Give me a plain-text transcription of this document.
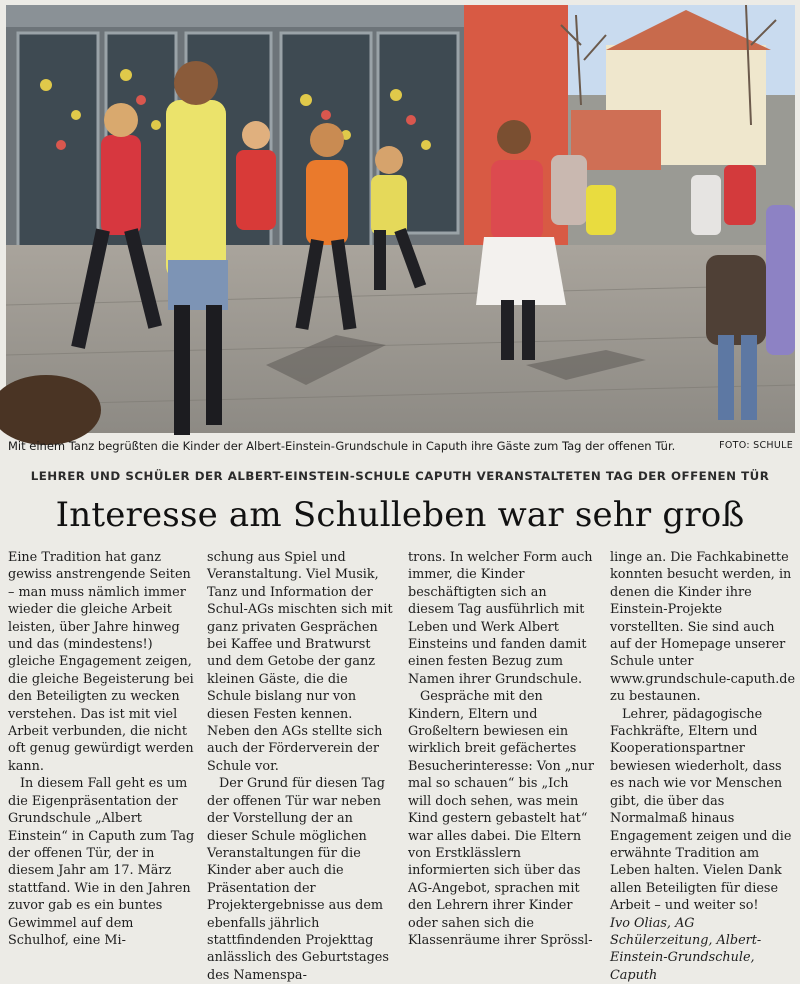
Mit einem Tanz begrüßten die Kinder der Albert-Einstein-Grundschule in Caputh ihre Gäste zum Tag der offenen Tür.	FOTO: SCHULE
LEHRER UND SCHÜLER DER ALBERT-EINSTEIN-SCHULE CAPUTH VERANSTALTETEN TAG DER OFFENEN TÜR
Interesse am Schulleben war sehr groß

Eine Tradition hat ganz gewiss anstrengende Seiten – man muss nämlich immer wieder die gleiche Arbeit leisten, über Jahre hinweg und das (mindestens!) gleiche Engagement zeigen, die gleiche Begeisterung bei den Beteiligten zu wecken verstehen. Das ist mit viel Arbeit verbunden, die nicht oft genug gewürdigt werden kann.

In diesem Fall geht es um die Eigenpräsentation der Grundschule „Albert Einstein“ in Caputh zum Tag der offenen Tür, der in diesem Jahr am 17. März stattfand. Wie in den Jahren zuvor gab es ein buntes Gewimmel auf dem Schulhof, eine Mi-

schung aus Spiel und Veranstaltung. Viel Musik, Tanz und Information der Schul-AGs mischten sich mit ganz privaten Gesprächen bei Kaffee und Bratwurst und dem Getobe der ganz kleinen Gäste, die die Schule bislang nur von diesen Festen kennen. Neben den AGs stellte sich auch der Förderverein der Schule vor.

Der Grund für diesen Tag der offenen Tür war neben der Vorstellung der an dieser Schule möglichen Veranstaltungen für die Kinder aber auch die Präsentation der Projektergebnisse aus dem ebenfalls jährlich stattfindenden Projekttag anlässlich des Geburtstages des Namenspa-

trons. In welcher Form auch immer, die Kinder beschäftigten sich an diesem Tag ausführlich mit Leben und Werk Albert Einsteins und fanden damit einen festen Bezug zum Namen ihrer Grundschule.

Gespräche mit den Kindern, Eltern und Großeltern bewiesen ein wirklich breit gefächertes Besucherinteresse: Von „nur mal so schauen“ bis „Ich will doch sehen, was mein Kind gestern gebastelt hat“ war alles dabei. Die Eltern von Erstklässlern informierten sich über das AG-Angebot, sprachen mit den Lehrern ihrer Kinder oder sahen sich die Klassenräume ihrer Sprössl-

linge an. Die Fachkabinette konnten besucht werden, in denen die Kinder ihre Einstein-Projekte vorstellten. Sie sind auch auf der Homepage unserer Schule unter www.grundschule-caputh.de zu bestaunen.

Lehrer, pädagogische Fachkräfte, Eltern und Kooperationspartner bewiesen wiederholt, dass es nach wie vor Menschen gibt, die über das Normalmaß hinaus Engagement zeigen und die erwähnte Tradition am Leben halten. Vielen Dank allen Beteiligten für diese Arbeit – und weiter so!

Ivo Olias, AG Schülerzeitung, Albert-Einstein-Grundschule, Caputh
